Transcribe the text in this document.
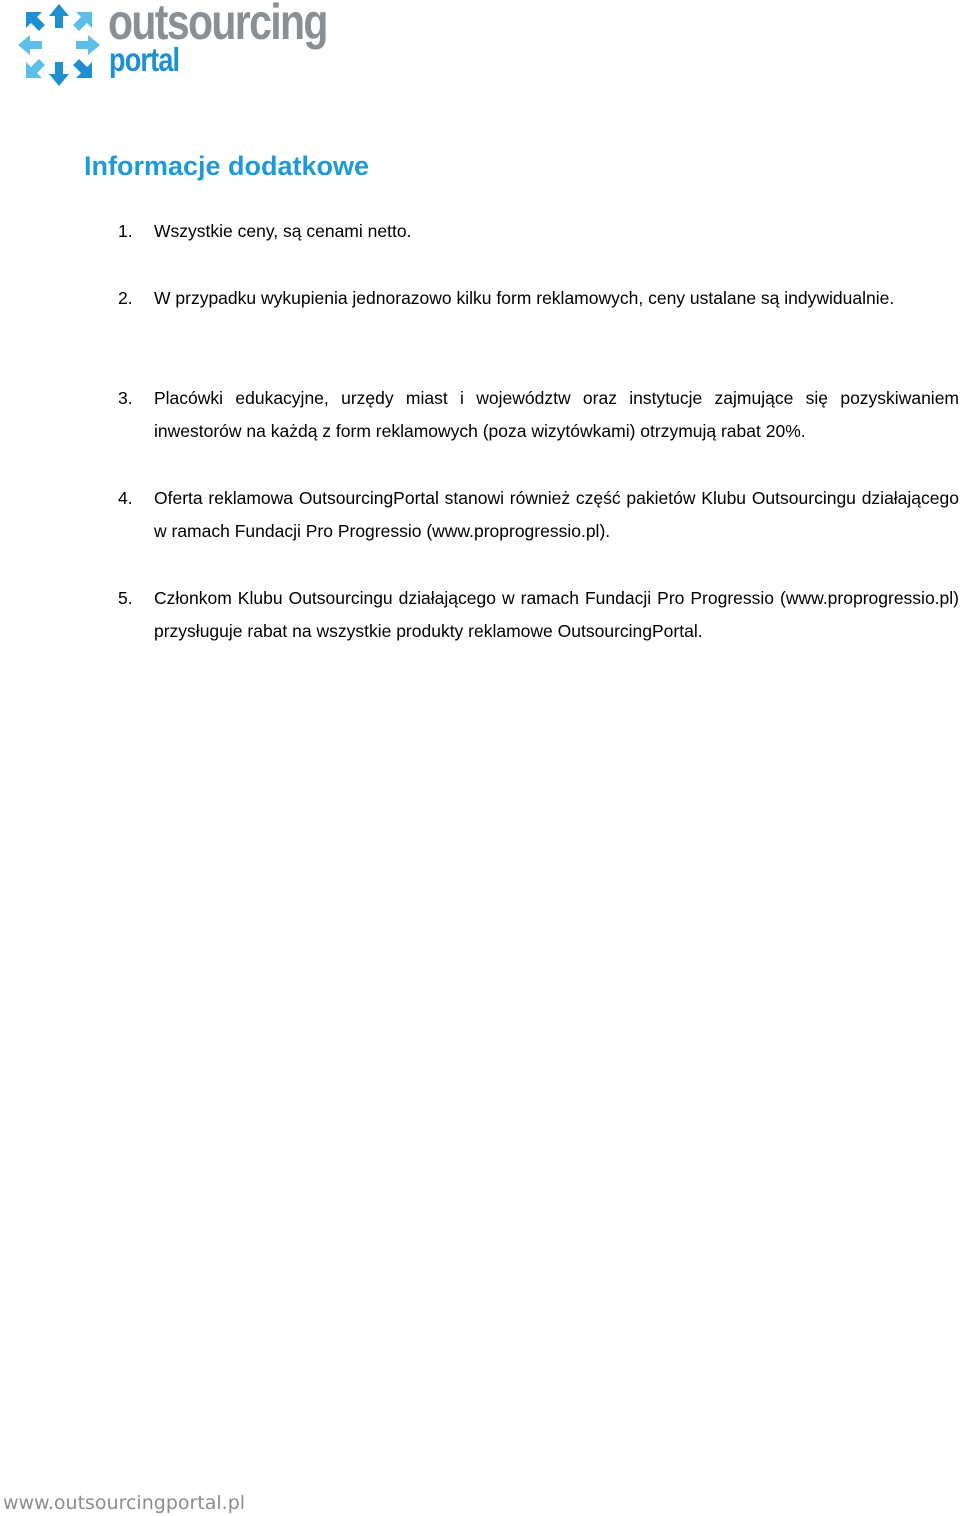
outsourcing
portal
Informacje dodatkowe
1.	Wszystkie ceny, są cenami netto.
2.	W przypadku wykupienia jednorazowo kilku form reklamowych, ceny ustalane są indywidualnie.
3.	Placówki edukacyjne, urzędy miast i województw oraz instytucje zajmujące się pozyskiwaniem inwestorów na każdą z form reklamowych (poza wizytówkami) otrzymują rabat 20%.
4.	Oferta reklamowa OutsourcingPortal stanowi również część pakietów Klubu Outsourcingu działającego w ramach Fundacji Pro Progressio (www.proprogressio.pl).
5.	Członkom Klubu Outsourcingu działającego w ramach Fundacji Pro Progressio (www.proprogressio.pl) przysługuje rabat na wszystkie produkty reklamowe OutsourcingPortal.
www.outsourcingportal.pl
